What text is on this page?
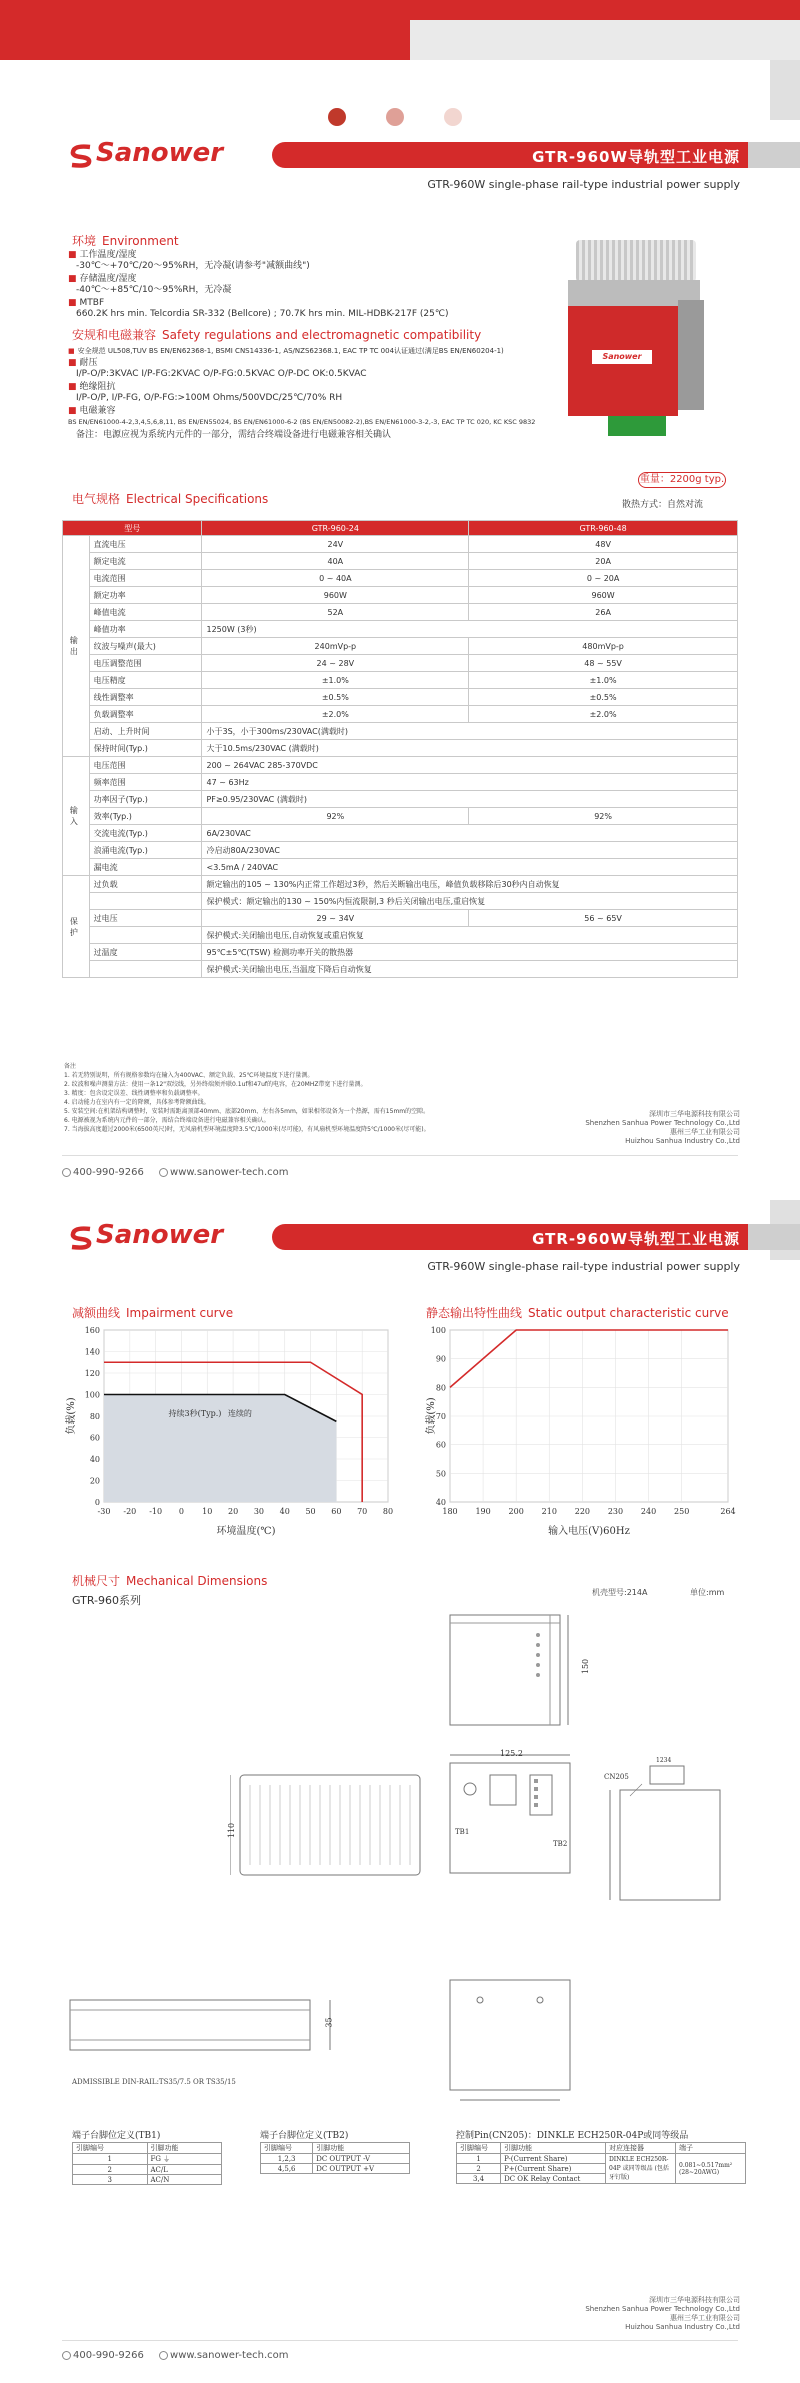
Sanower	GTR-960W导轨型工业电源
GTR-960W single-phase rail-type industrial power supply
Sanower
环境 Environment
■ 工作温度/湿度
-30℃～+70℃/20～95%RH，无冷凝(请参考"减额曲线")
■ 存储温度/湿度
-40℃～+85℃/10～95%RH，无冷凝
■ MTBF
660.2K hrs min. Telcordia SR-332 (Bellcore) ; 70.7K hrs min. MIL-HDBK-217F (25℃)
安规和电磁兼容 Safety regulations and electromagnetic compatibility
■ 安全规范 UL508,TUV BS EN/EN62368-1, BSMI CNS14336-1, AS/NZS62368.1, EAC TP TC 004认证通过(满足BS EN/EN60204-1)
■ 耐压
I/P-O/P:3KVAC I/P-FG:2KVAC O/P-FG:0.5KVAC O/P-DC OK:0.5KVAC
■ 绝缘阻抗
I/P-O/P, I/P-FG, O/P-FG:>100M Ohms/500VDC/25℃/70% RH
■ 电磁兼容
BS EN/EN61000-4-2,3,4,5,6,8,11, BS EN/EN55024, BS EN/EN61000-6-2 (BS EN/EN50082-2),BS EN/EN61000-3-2,-3, EAC TP TC 020, KC KSC 9832
备注：电源应视为系统内元件的一部分，需结合终端设备进行电磁兼容相关确认
重量：2200g typ.
散热方式：自然对流
电气规格 Electrical Specifications
型号		GTR-960-24	GTR-960-48
输出	直流电压	24V	48V
	额定电流	40A	20A
	电流范围	0 ~ 40A	0 ~ 20A
	额定功率	960W	960W
	峰值电流	52A	26A
	峰值功率	1250W (3秒)	
	纹波与噪声(最大)	240mVp-p	480mVp-p
	电压调整范围	24 ~ 28V	48 ~ 55V
	电压精度	±1.0%	±1.0%
	线性调整率	±0.5%	±0.5%
	负载调整率	±2.0%	±2.0%
	启动、上升时间	小于3S，小于300ms/230VAC(满载时)	
	保持时间(Typ.)	大于10.5ms/230VAC (满载时)	
输入	电压范围	200 ~ 264VAC 285-370VDC	
	频率范围	47 ~ 63Hz	
	功率因子(Typ.)	PF≥0.95/230VAC (满载时)	
	效率(Typ.)	92%	92%
	交流电流(Typ.)	6A/230VAC	
	浪涌电流(Typ.)	冷启动80A/230VAC	
	漏电流	<3.5mA / 240VAC	
保护	过负载	额定输出的105 ~ 130%内正常工作超过3秒，然后关断输出电压，峰值负载移除后30秒内自动恢复	
		保护模式：额定输出的130 ~ 150%内恒流限制,3 秒后关闭输出电压,重启恢复	
	过电压	29 ~ 34V	56 ~ 65V
		保护模式:关闭输出电压,自动恢复或重启恢复	
	过温度	95℃±5℃(TSW) 检测功率开关的散热器	
		保护模式:关闭输出电压,当温度下降后自动恢复	
备注
1. 若无特别说明，所有规格参数均在输入为400VAC、额定负载、25℃环境温度下进行量测。
2. 纹波和噪声测量方法：使用一条12"双绞线，另外终端须并联0.1uf和47uf的电容，在20MHZ带宽下进行量测。
3. 精度：包含设定误差、线性调整率和负载调整率。
4. 启动能力在室内有一定的降额，具体参考降额曲线。
5. 安装空间:在机架结构调整时，安装时需距离顶部40mm、底部20mm、左右各5mm，如果相邻设备为一个热源，需有15mm的空隙。
6. 电源被视为系统内元件的一部分，需结合终端设备进行电磁兼容相关确认。
7. 当海拔高度超过2000米(6500英尺)时，无风扇机型环境温度降3.5℃/1000米(尽可能)，有风扇机型环境温度降5℃/1000米(尽可能)。
深圳市三华电源科技有限公司
Shenzhen Sanhua Power Technology Co.,Ltd
惠州三华工业有限公司
Huizhou Sanhua Industry Co.,Ltd
400-990-9266	www.sanower-tech.com
Sanower	GTR-960W导轨型工业电源
GTR-960W single-phase rail-type industrial power supply
减额曲线 Impairment curve	静态输出特性曲线 Static output characteristic curve
-30 -20 -10 0 10 20 30 40 50 60 70 80
0
20
40
60
80
100
120
140
160
环境温度(℃)
负载(%)	持续3秒(Typ.) 连续的
180 190 200 210 220 230 240 250	264
40
50
60
70
80
90
100
输入电压(V)60Hz
负载(%)
机械尺寸 Mechanical Dimensions
GTR-960系列
机壳型号:214A	单位:mm
150
110
125.2
TB1
TB2
1234
CN205
35
ADMISSIBLE DIN-RAIL:TS35/7.5 OR TS35/15
端子台脚位定义(TB1)
引脚编号	引脚功能
1	FG ⏚
2	AC/L
3	AC/N
端子台脚位定义(TB2)
引脚编号	引脚功能
1,2,3	DC OUTPUT -V
4,5,6	DC OUTPUT +V
控制Pin(CN205)：DINKLE ECH250R-04P或同等级品
引脚编号	引脚功能	对应连接器	端子
1	P-(Current Share)	DINKLE ECH250R-04P 或同等级品 (包括牙钉版)	0.081~0.517mm² (28~20AWG)
2	P+(Current Share)		
3,4	DC OK Relay Contact		
深圳市三华电源科技有限公司
Shenzhen Sanhua Power Technology Co.,Ltd
惠州三华工业有限公司
Huizhou Sanhua Industry Co.,Ltd
400-990-9266	www.sanower-tech.com
